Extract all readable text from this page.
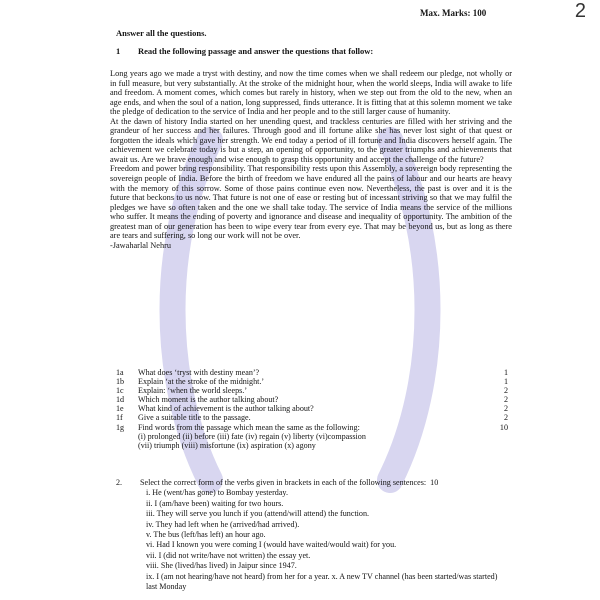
2
Max. Marks: 100
Answer all the questions.
1 Read the following passage and answer the questions that follow:

Long years ago we made a tryst with destiny, and now the time comes when we shall redeem our pledge, not wholly or in full measure, but very substantially. At the stroke of the midnight hour, when the world sleeps, India will awake to life and freedom. A moment comes, which comes but rarely in history, when we step out from the old to the new, when an age ends, and when the soul of a nation, long suppressed, finds utterance. It is fitting that at this solemn moment we take the pledge of dedication to the service of India and her people and to the still larger cause of humanity.

At the dawn of history India started on her unending quest, and trackless centuries are filled with her striving and the grandeur of her success and her failures. Through good and ill fortune alike she has never lost sight of that quest or forgotten the ideals which gave her strength. We end today a period of ill fortune and India discovers herself again. The achievement we celebrate today is but a step, an opening of opportunity, to the greater triumphs and achievements that await us. Are we brave enough and wise enough to grasp this opportunity and accept the challenge of the future?

Freedom and power bring responsibility. That responsibility rests upon this Assembly, a sovereign body representing the sovereign people of India. Before the birth of freedom we have endured all the pains of labour and our hearts are heavy with the memory of this sorrow. Some of those pains continue even now. Nevertheless, the past is over and it is the future that beckons to us now. That future is not one of ease or resting but of incessant striving so that we may fulfil the pledges we have so often taken and the one we shall take today. The service of India means the service of the millions who suffer. It means the ending of poverty and ignorance and disease and inequality of opportunity. The ambition of the greatest man of our generation has been to wipe every tear from every eye. That may be beyond us, but as long as there are tears and suffering, so long our work will not be over.

-Jawaharlal Nehru

1a	What does ‘tryst with destiny mean’?	1
1b	Explain ‘at the stroke of the midnight.’	1
1c	Explain: ‘when the world sleeps.’	2
1d	Which moment is the author talking about?	2
1e	What kind of achievement is the author talking about?	2
1f	Give a suitable title to the passage.	2
1g	Find words from the passage which mean the same as the following:	10
(i) prolonged (ii) before (iii) fate (iv) regain (v) liberty (vi)compassion
(vii) triumph (viii) misfortune (ix) aspiration (x) agony
2.	Select the correct form of the verbs given in brackets in each of the following sentences: 10
i. He (went/has gone) to Bombay yesterday.
ii. I (am/have been) waiting for two hours.
iii. They will serve you lunch if you (attend/will attend) the function.
iv. They had left when he (arrived/had arrived).
v. The bus (left/has left) an hour ago.
vi. Had I known you were coming I (would have waited/would wait) for you.
vii. I (did not write/have not written) the essay yet.
viii. She (lived/has lived) in Jaipur since 1947.
ix. I (am not hearing/have not heard) from her for a year. x. A new TV channel (has been started/was started) last Monday
